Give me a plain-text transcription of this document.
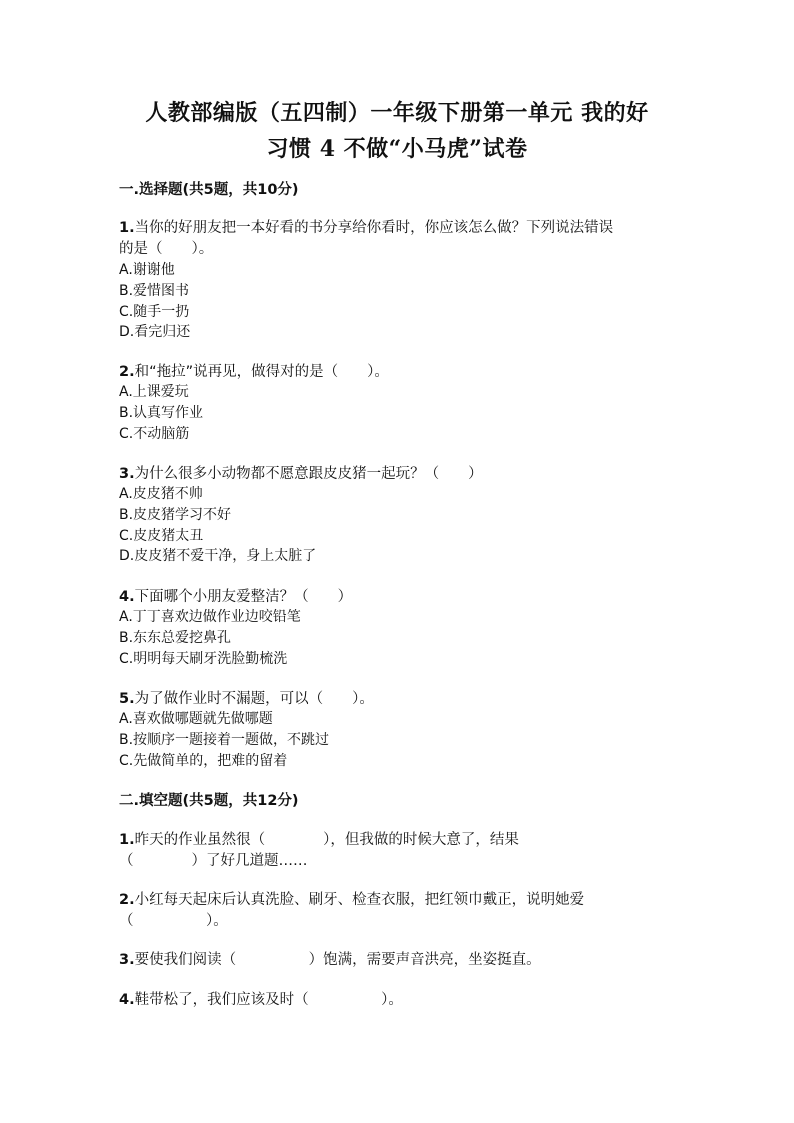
人教部编版（五四制）一年级下册第一单元 我的好
习惯 4 不做“小马虎”试卷
一.选择题(共5题，共10分)
1.当你的好朋友把一本好看的书分享给你看时，你应该怎么做？下列说法错误
的是（　　）。
A.谢谢他
B.爱惜图书
C.随手一扔
D.看完归还
2.和“拖拉”说再见，做得对的是（　　）。
A.上课爱玩
B.认真写作业
C.不动脑筋
3.为什么很多小动物都不愿意跟皮皮猪一起玩？（　　）
A.皮皮猪不帅
B.皮皮猪学习不好
C.皮皮猪太丑
D.皮皮猪不爱干净，身上太脏了
4.下面哪个小朋友爱整洁？（　　）
A.丁丁喜欢边做作业边咬铅笔
B.东东总爱挖鼻孔
C.明明每天刷牙洗脸勤梳洗
5.为了做作业时不漏题，可以（　　）。
A.喜欢做哪题就先做哪题
B.按顺序一题接着一题做，不跳过
C.先做简单的，把难的留着
二.填空题(共5题，共12分)
1.昨天的作业虽然很（　　　　），但我做的时候大意了，结果
（　　　　）了好几道题……
2.小红每天起床后认真洗脸、刷牙、检查衣服，把红领巾戴正，说明她爱
（　　　　　）。
3.要使我们阅读（　　　　　）饱满，需要声音洪亮，坐姿挺直。
4.鞋带松了，我们应该及时（　　　　　）。
